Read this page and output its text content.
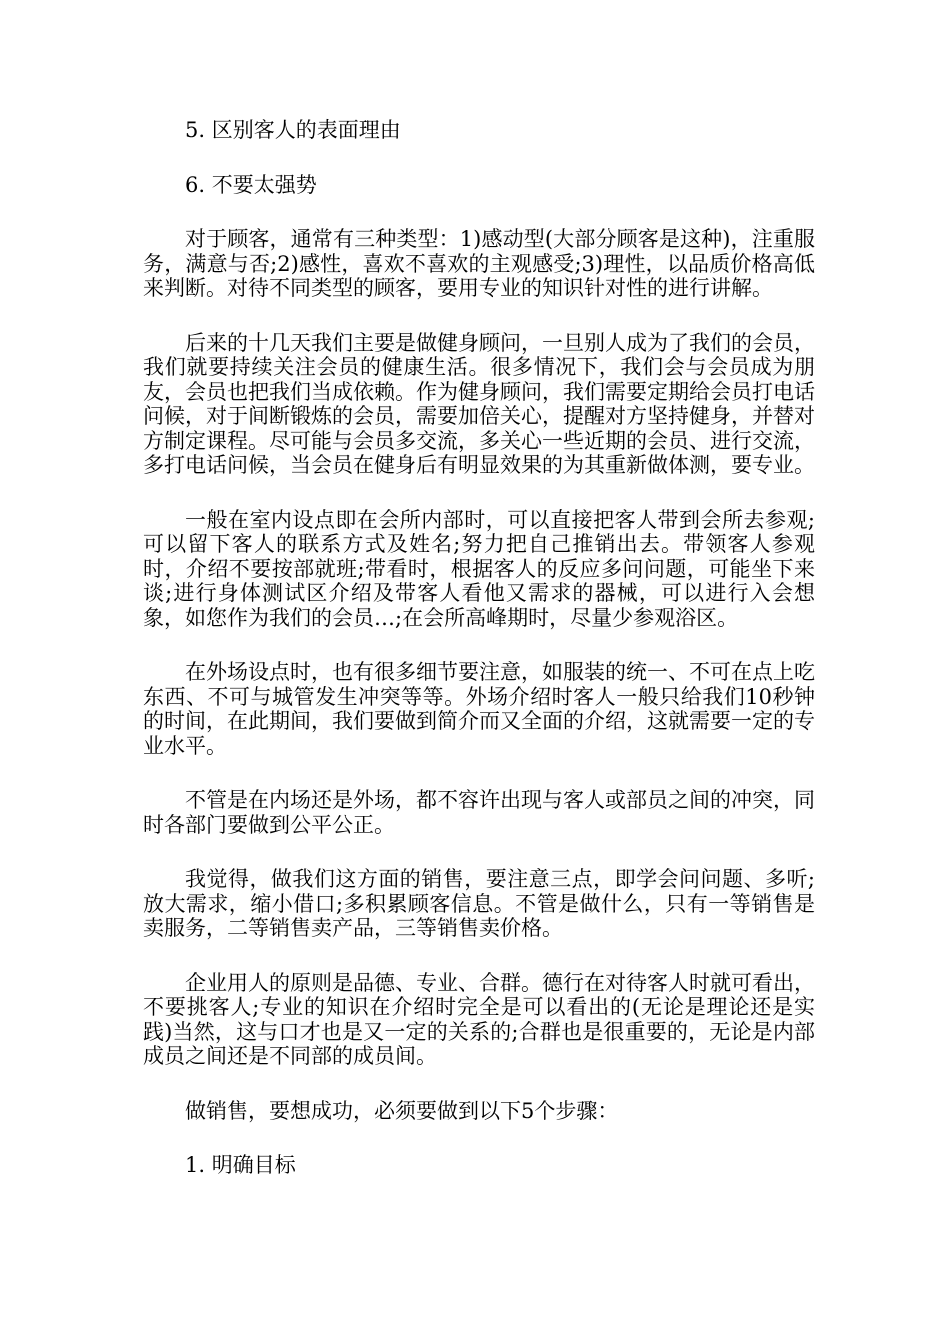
5. 区别客人的表面理由

6. 不要太强势

对于顾客，通常有三种类型：1)感动型(大部分顾客是这种)，注重服务，满意与否;2)感性，喜欢不喜欢的主观感受;3)理性，以品质价格高低来判断。对待不同类型的顾客，要用专业的知识针对性的进行讲解。

后来的十几天我们主要是做健身顾问，一旦别人成为了我们的会员，我们就要持续关注会员的健康生活。很多情况下，我们会与会员成为朋友，会员也把我们当成依赖。作为健身顾问，我们需要定期给会员打电话问候，对于间断锻炼的会员，需要加倍关心，提醒对方坚持健身，并替对方制定课程。尽可能与会员多交流，多关心一些近期的会员、进行交流，多打电话问候，当会员在健身后有明显效果的为其重新做体测，要专业。

一般在室内设点即在会所内部时，可以直接把客人带到会所去参观;可以留下客人的联系方式及姓名;努力把自己推销出去。带领客人参观时，介绍不要按部就班;带看时，根据客人的反应多问问题，可能坐下来谈;进行身体测试区介绍及带客人看他又需求的器械，可以进行入会想象，如您作为我们的会员…;在会所高峰期时，尽量少参观浴区。

在外场设点时，也有很多细节要注意，如服装的统一、不可在点上吃东西、不可与城管发生冲突等等。外场介绍时客人一般只给我们10秒钟的时间，在此期间，我们要做到简介而又全面的介绍，这就需要一定的专业水平。

不管是在内场还是外场，都不容许出现与客人或部员之间的冲突，同时各部门要做到公平公正。

我觉得，做我们这方面的销售，要注意三点，即学会问问题、多听;放大需求，缩小借口;多积累顾客信息。不管是做什么，只有一等销售是卖服务，二等销售卖产品，三等销售卖价格。

企业用人的原则是品德、专业、合群。德行在对待客人时就可看出，不要挑客人;专业的知识在介绍时完全是可以看出的(无论是理论还是实践)当然，这与口才也是又一定的关系的;合群也是很重要的，无论是内部成员之间还是不同部的成员间。

做销售，要想成功，必须要做到以下5个步骤：

1. 明确目标
